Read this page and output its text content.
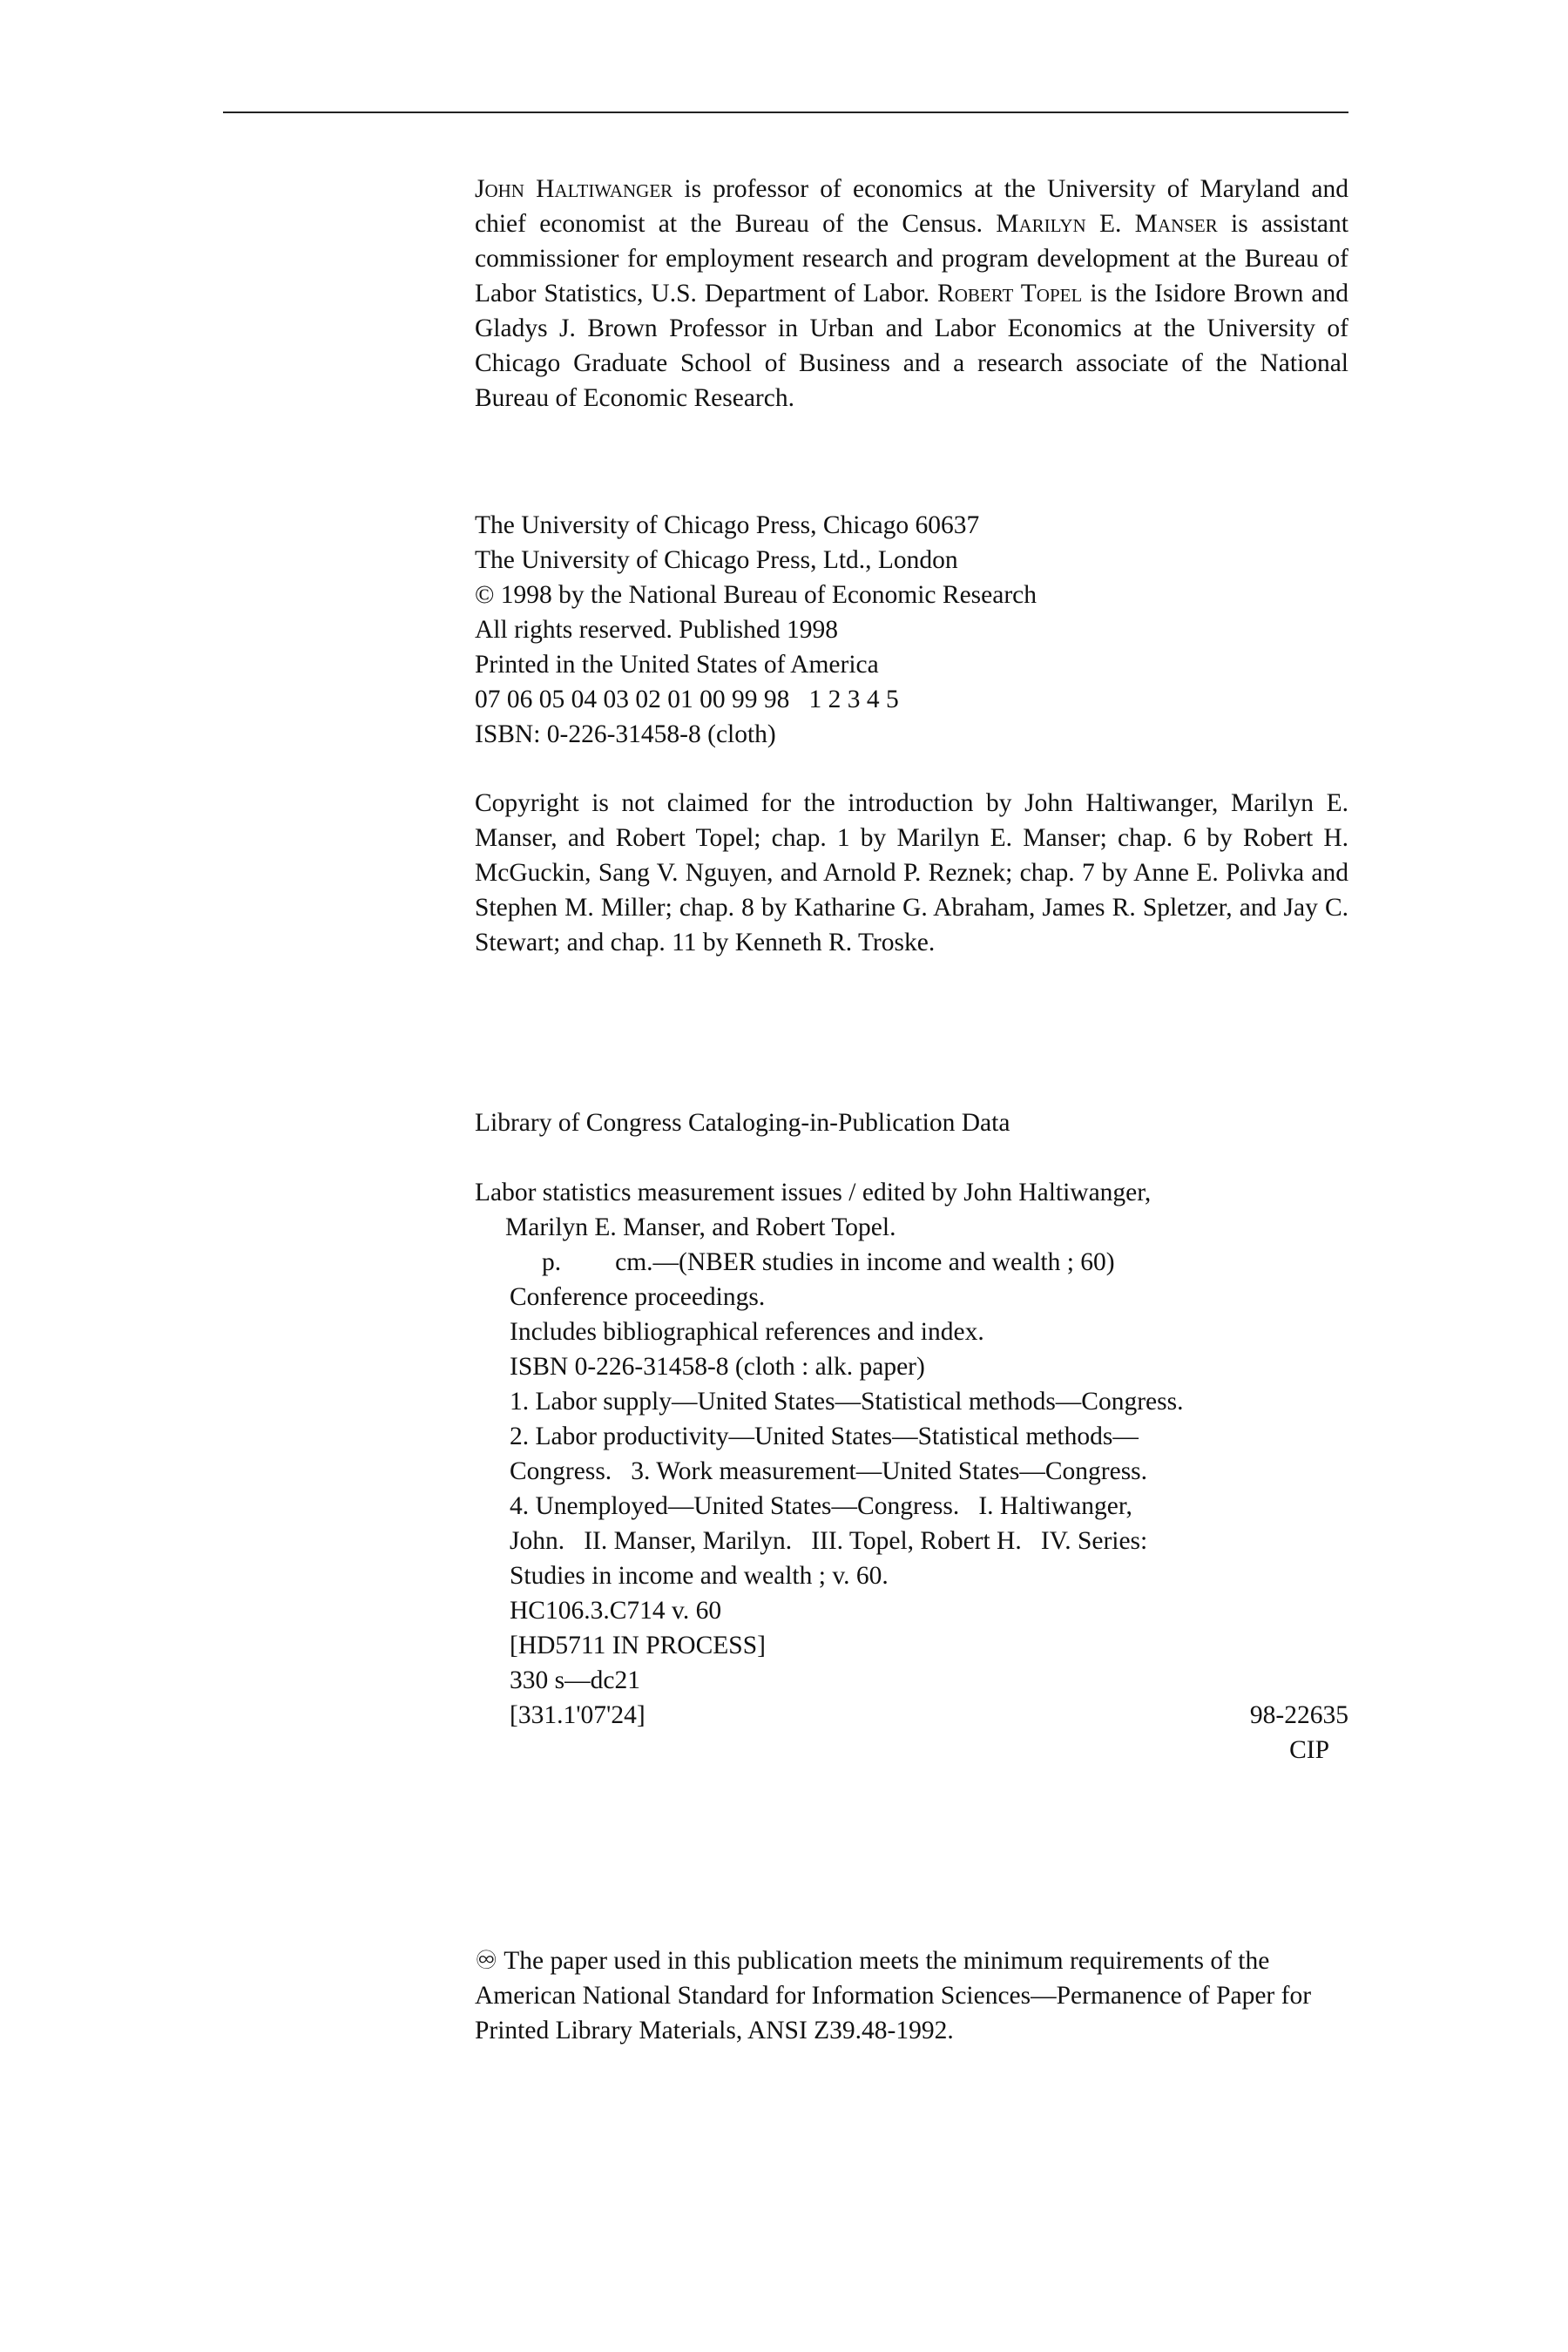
John Haltiwanger is professor of economics at the University of Maryland and chief economist at the Bureau of the Census. Marilyn E. Manser is assistant commissioner for employment research and program development at the Bureau of Labor Statistics, U.S. Department of Labor. Robert Topel is the Isidore Brown and Gladys J. Brown Professor in Urban and Labor Economics at the University of Chicago Graduate School of Business and a research associate of the National Bureau of Economic Research.
The University of Chicago Press, Chicago 60637
The University of Chicago Press, Ltd., London
© 1998 by the National Bureau of Economic Research
All rights reserved. Published 1998
Printed in the United States of America
07 06 05 04 03 02 01 00 99 98   1 2 3 4 5
ISBN: 0-226-31458-8 (cloth)
Copyright is not claimed for the introduction by John Haltiwanger, Marilyn E. Manser, and Robert Topel; chap. 1 by Marilyn E. Manser; chap. 6 by Robert H. McGuckin, Sang V. Nguyen, and Arnold P. Reznek; chap. 7 by Anne E. Polivka and Stephen M. Miller; chap. 8 by Katharine G. Abraham, James R. Spletzer, and Jay C. Stewart; and chap. 11 by Kenneth R. Troske.
Library of Congress Cataloging-in-Publication Data
Labor statistics measurement issues / edited by John Haltiwanger,
Marilyn E. Manser, and Robert Topel.
p. cm.—(NBER studies in income and wealth ; 60)
Conference proceedings.
Includes bibliographical references and index.
ISBN 0-226-31458-8 (cloth : alk. paper)
1. Labor supply—United States—Statistical methods—Congress.
2. Labor productivity—United States—Statistical methods—
Congress.   3. Work measurement—United States—Congress.
4. Unemployed—United States—Congress.   I. Haltiwanger,
John.   II. Manser, Marilyn.   III. Topel, Robert H.   IV. Series:
Studies in income and wealth ; v. 60.
HC106.3.C714 v. 60
[HD5711 IN PROCESS]
330 s—dc21
[331.1'07'24]	98-22635
CIP
♾ The paper used in this publication meets the minimum requirements of the American National Standard for Information Sciences—Permanence of Paper for Printed Library Materials, ANSI Z39.48-1992.
